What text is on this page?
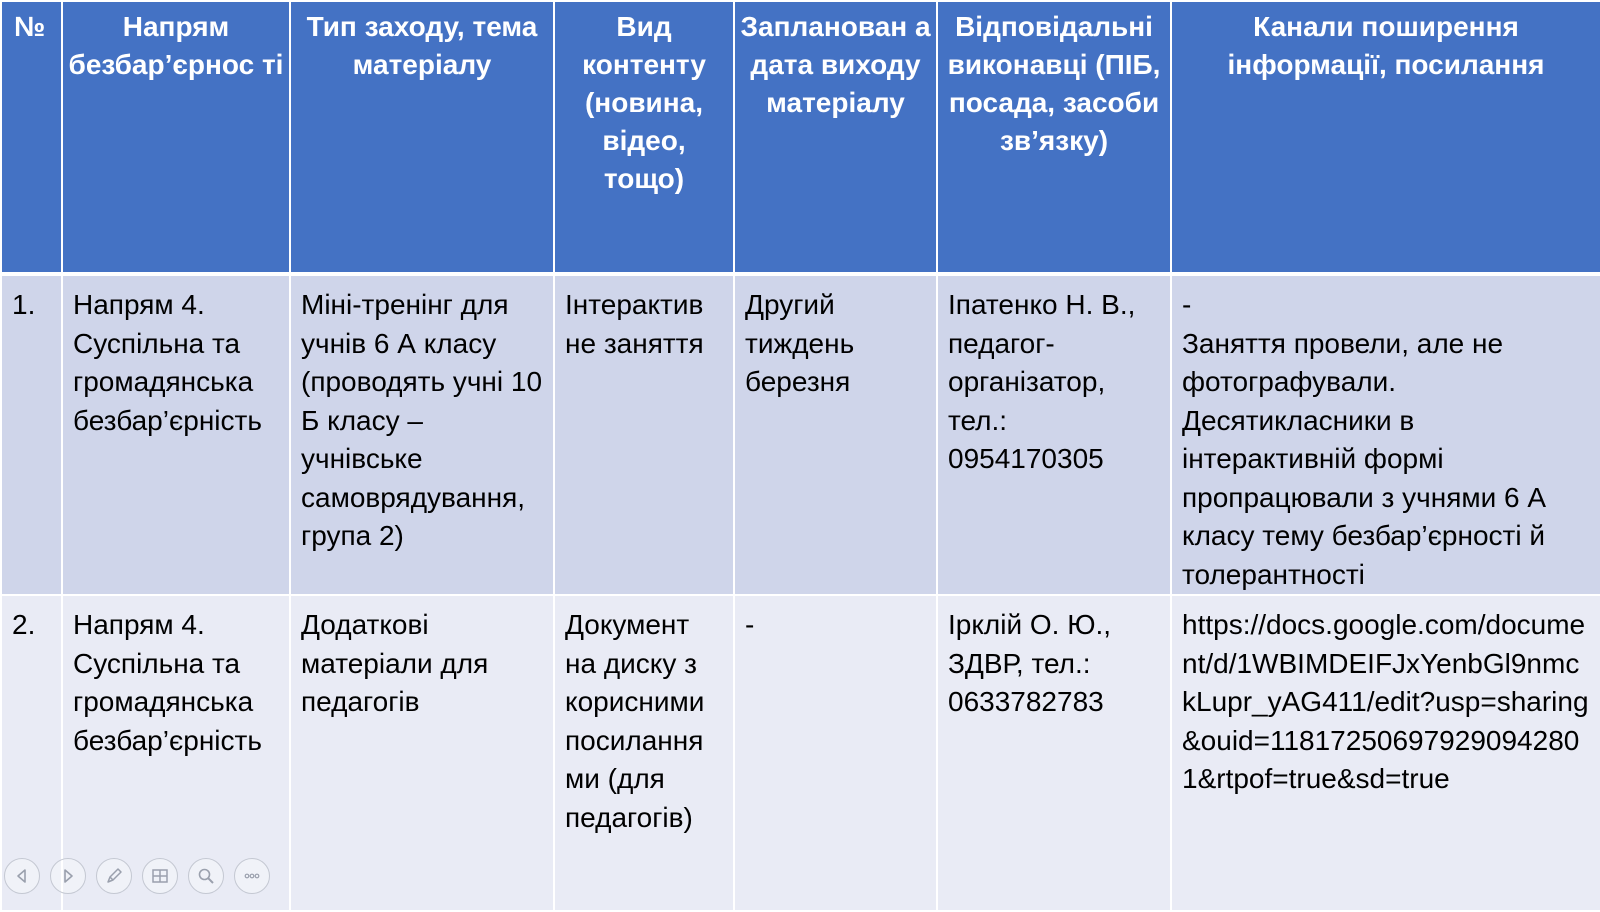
№	Напрям безбар’єрнос ті	Тип заходу, тема матеріалу	Вид контенту (новина, відео, тощо)	Запланован а дата виходу матеріалу	Відповідальні виконавці (ПІБ, посада, засоби зв’язку)	Канали поширення інформації, посилання
1.	Напрям 4. Суспільна та громадянська безбар’єрність	Міні-тренінг для учнів 6 А класу (проводять учні 10 Б класу – учнівське самоврядування, група 2)	Інтерактив не заняття	Другий тиждень березня	Іпатенко Н. В., педагог-організатор, тел.: 0954170305	-
Заняття провели, але не фотографували. Десятикласники в інтерактивній формі пропрацювали з учнями 6 А класу тему безбар’єрності й толерантності
2.	Напрям 4. Суспільна та громадянська безбар’єрність	Додаткові матеріали для педагогів	Документ на диску з корисними посилання ми (для педагогів)	-	Ірклій О. Ю., ЗДВР, тел.: 0633782783	https://docs.google.com/document/d/1WBIMDEIFJxYenbGl9nmckLupr_yAG411/edit?usp=sharing&ouid=118172506979290942801&rtpof=true&sd=true
